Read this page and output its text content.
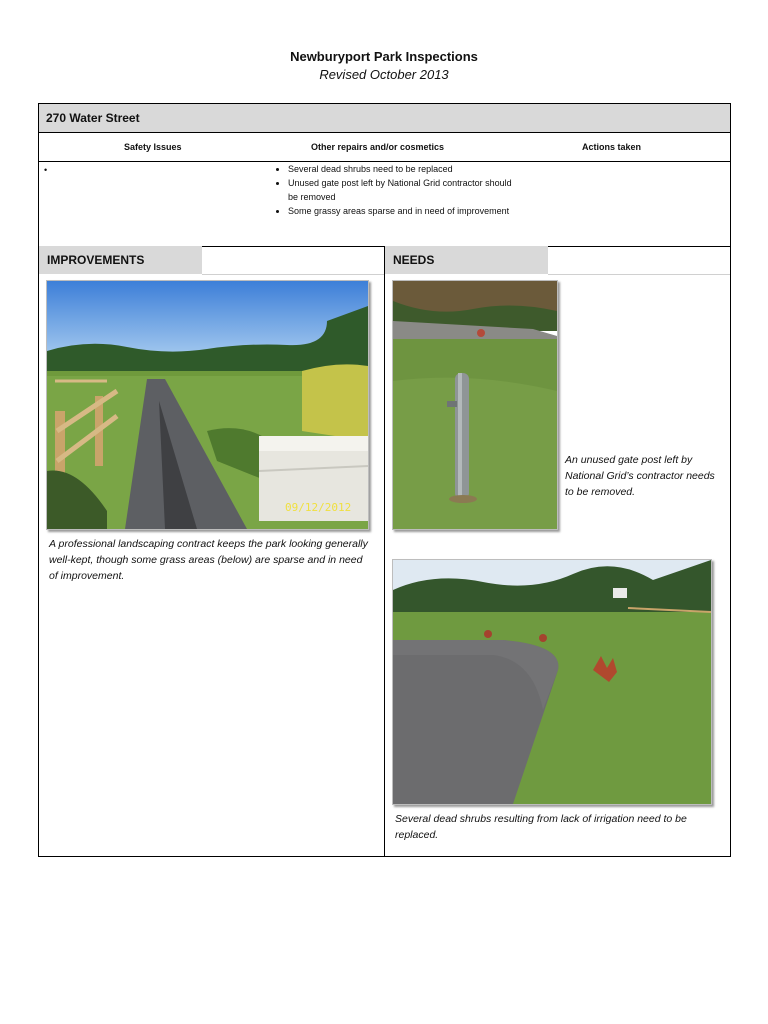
Newburyport Park Inspections
Revised October 2013
270 Water Street
Safety Issues	Other repairs and/or cosmetics	Actions taken
•
•	Several dead shrubs need to be replaced
• Unused gate post left by National Grid contractor should be removed
• Some grassy areas sparse and in need of improvement
IMPROVEMENTS
09/12/2012
A professional landscaping contract keeps the park looking generally well-kept, though some grass areas (below) are sparse and in need of improvement.
NEEDS
An unused gate post left by National Grid’s contractor needs to be removed.
Several dead shrubs resulting from lack of irrigation need to be replaced.
